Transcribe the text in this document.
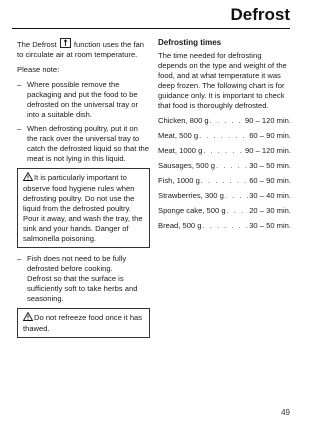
Defrost

The Defrost function uses the fan to circulate air at room temperature.

Please note:

– Where possible remove the packaging and put the food to be defrosted on the universal tray or into a suitable dish.
– When defrosting poultry, put it on the rack over the universal tray to catch the defrosted liquid so that the meat is not lying in this liquid.
It is particularly important to observe food hygiene rules when defrosting poultry. Do not use the liquid from the defrosted poultry. Pour it away, and wash the tray, the sink and your hands. Danger of salmonella poisoning.
– Fish does not need to be fully defrosted before cooking.
Defrost so that the surface is sufficiently soft to take herbs and seasoning.
Do not refreeze food once it has thawed.
Defrosting times

The time needed for defrosting depends on the type and weight of the food, and at what temperature it was deep frozen. The following chart is for guidance only. It is important to check that food is thoroughly defrosted.

Chicken, 800 g . . .	90 – 120 min.
Meat, 500 g . . .	60 – 90 min.
Meat, 1000 g . . .	90 – 120 min.
Sausages, 500 g . . .	30 – 50 min.
Fish, 1000 g . . .	60 – 90 min.
Strawberries, 300 g . . .	30 – 40 min.
Sponge cake, 500 g . . .	20 – 30 min.
Bread, 500 g . . .	30 – 50 min.
49
